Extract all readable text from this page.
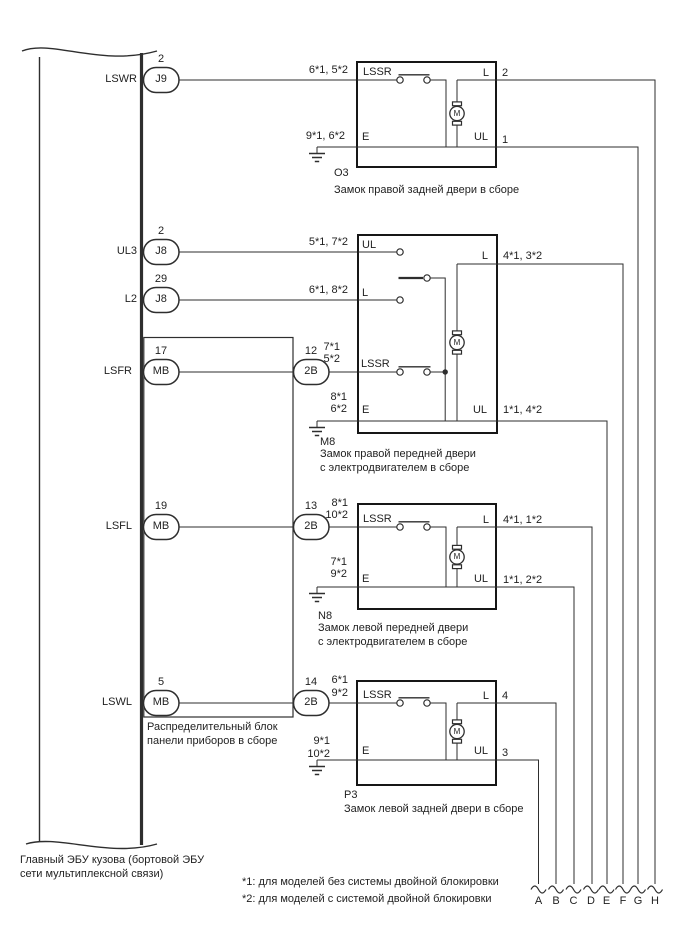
LSWR
2
J9
UL3
2
J8
L2
29
J8
LSFR
17
MB
LSFL
19
MB
LSWL
5
MB
12
2B
13
2B
14
2B
Распределительный блок
панели приборов в сборе
6*1, 5*2
9*1, 6*2
5*1, 7*2
6*1, 8*2
7*1
5*2
8*1
6*2
8*1
10*2
7*1
9*2
6*1
9*2
9*1
10*2
LSSR	L
E	UL
M
2
1
O3
Замок правой задней двери в сборе
UL
L
LSSR
E
L
UL
M
4*1, 3*2
1*1, 4*2
M8
Замок правой передней двери
с электродвигателем в сборе
LSSR	L
E	UL
M
4*1, 1*2
1*1, 2*2
N8
Замок левой передней двери
с электродвигателем в сборе
LSSR	L
E	UL
M
4
3
P3
Замок левой задней двери в сборе
Главный ЭБУ кузова (бортовой ЭБУ
сети мультиплексной связи)
*1: для моделей без системы двойной блокировки
*2: для моделей с системой двойной блокировки	A B C D E F G H
